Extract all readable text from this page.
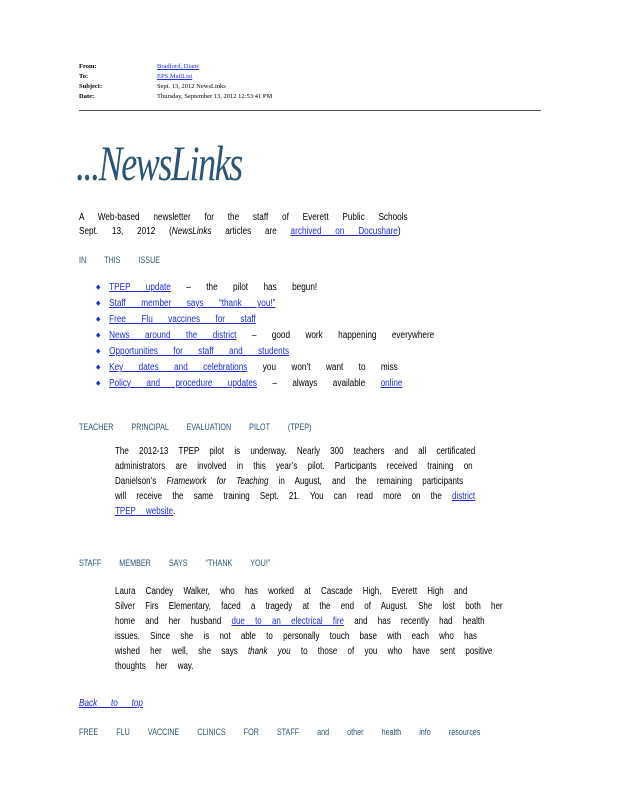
From:	Bradford, Diane
To:	EPS.MailList
Subject:	Sept. 13, 2012 NewsLinks
Date:	Thursday, September 13, 2012 12:53:41 PM
...NewsLinks
A Web-based newsletter for the staff of Everett Public Schools
Sept. 13, 2012 (NewsLinks articles are archived on Docushare)
IN THIS ISSUE
◆ TPEP update – the pilot has begun!
◆ Staff member says “thank you!”
◆ Free Flu vaccines for staff
◆ News around the district – good work happening everywhere
◆ Opportunities for staff and students
◆ Key dates and celebrations you won’t want to miss
◆ Policy and procedure updates – always available online
TEACHER PRINCIPAL EVALUATION PILOT (TPEP)
The 2012-13 TPEP pilot is underway. Nearly 300 teachers and all certificated
administrators are involved in this year’s pilot. Participants received training on
Danielson’s Framework for Teaching in August, and the remaining participants
will receive the same training Sept. 21. You can read more on the district
TPEP website.
STAFF MEMBER SAYS “THANK YOU!”
Laura Candey Walker, who has worked at Cascade High, Everett High and
Silver Firs Elementary, faced a tragedy at the end of August. She lost both her
home and her husband due to an electrical fire and has recently had health
issues. Since she is not able to personally touch base with each who has
wished her well, she says thank you to those of you who have sent positive
thoughts her way.
Back to top
FREE FLU VACCINE CLINICS FOR STAFF and other health info resources
